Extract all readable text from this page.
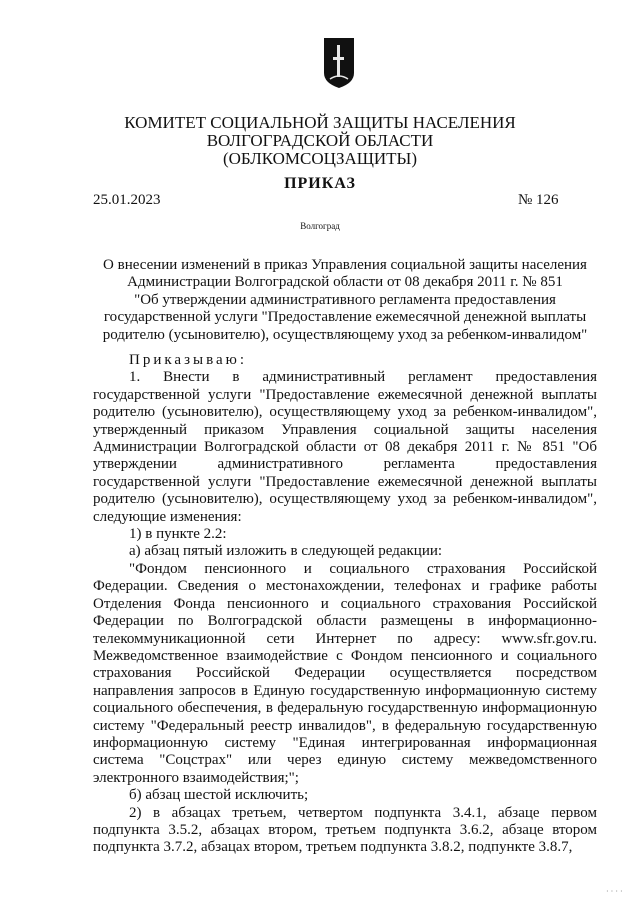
КОМИТЕТ СОЦИАЛЬНОЙ ЗАЩИТЫ НАСЕЛЕНИЯ
ВОЛГОГРАДСКОЙ ОБЛАСТИ
(ОБЛКОМСОЦЗАЩИТЫ)
ПРИКАЗ
25.01.2023	№ 126
Волгоград
О внесении изменений в приказ Управления социальной защиты населения
Администрации Волгоградской области от 08 декабря 2011 г. № 851
"Об утверждении административного регламента предоставления
государственной услуги "Предоставление ежемесячной денежной выплаты
родителю (усыновителю), осуществляющему уход за ребенком-инвалидом"

Приказываю:

1. Внести в административный регламент предоставления государственной услуги "Предоставление ежемесячной денежной выплаты родителю (усыновителю), осуществляющему уход за ребенком-инвалидом", утвержденный приказом Управления социальной защиты населения Администрации Волгоградской области от 08 декабря 2011 г. № 851 "Об утверждении административного регламента предоставления государственной услуги "Предоставление ежемесячной денежной выплаты родителю (усыновителю), осуществляющему уход за ребенком-инвалидом", следующие изменения:

1) в пункте 2.2:

а) абзац пятый изложить в следующей редакции:

"Фондом пенсионного и социального страхования Российской Федерации. Сведения о местонахождении, телефонах и графике работы Отделения Фонда пенсионного и социального страхования Российской Федерации по Волгоградской области размещены в информационно-телекоммуникационной сети Интернет по адресу: www.sfr.gov.ru. Межведомственное взаимодействие с Фондом пенсионного и социального страхования Российской Федерации осуществляется посредством направления запросов в Единую государственную информационную систему социального обеспечения, в федеральную государственную информационную систему "Федеральный реестр инвалидов", в федеральную государственную информационную систему "Единая интегрированная информационная система "Соцстрах" или через единую систему межведомственного электронного взаимодействия;";

б) абзац шестой исключить;

2) в абзацах третьем, четвертом подпункта 3.4.1, абзаце первом подпункта 3.5.2, абзацах втором, третьем подпункта 3.6.2, абзаце втором подпункта 3.7.2, абзацах втором, третьем подпункта 3.8.2, подпункте 3.8.7,

· · · ·
